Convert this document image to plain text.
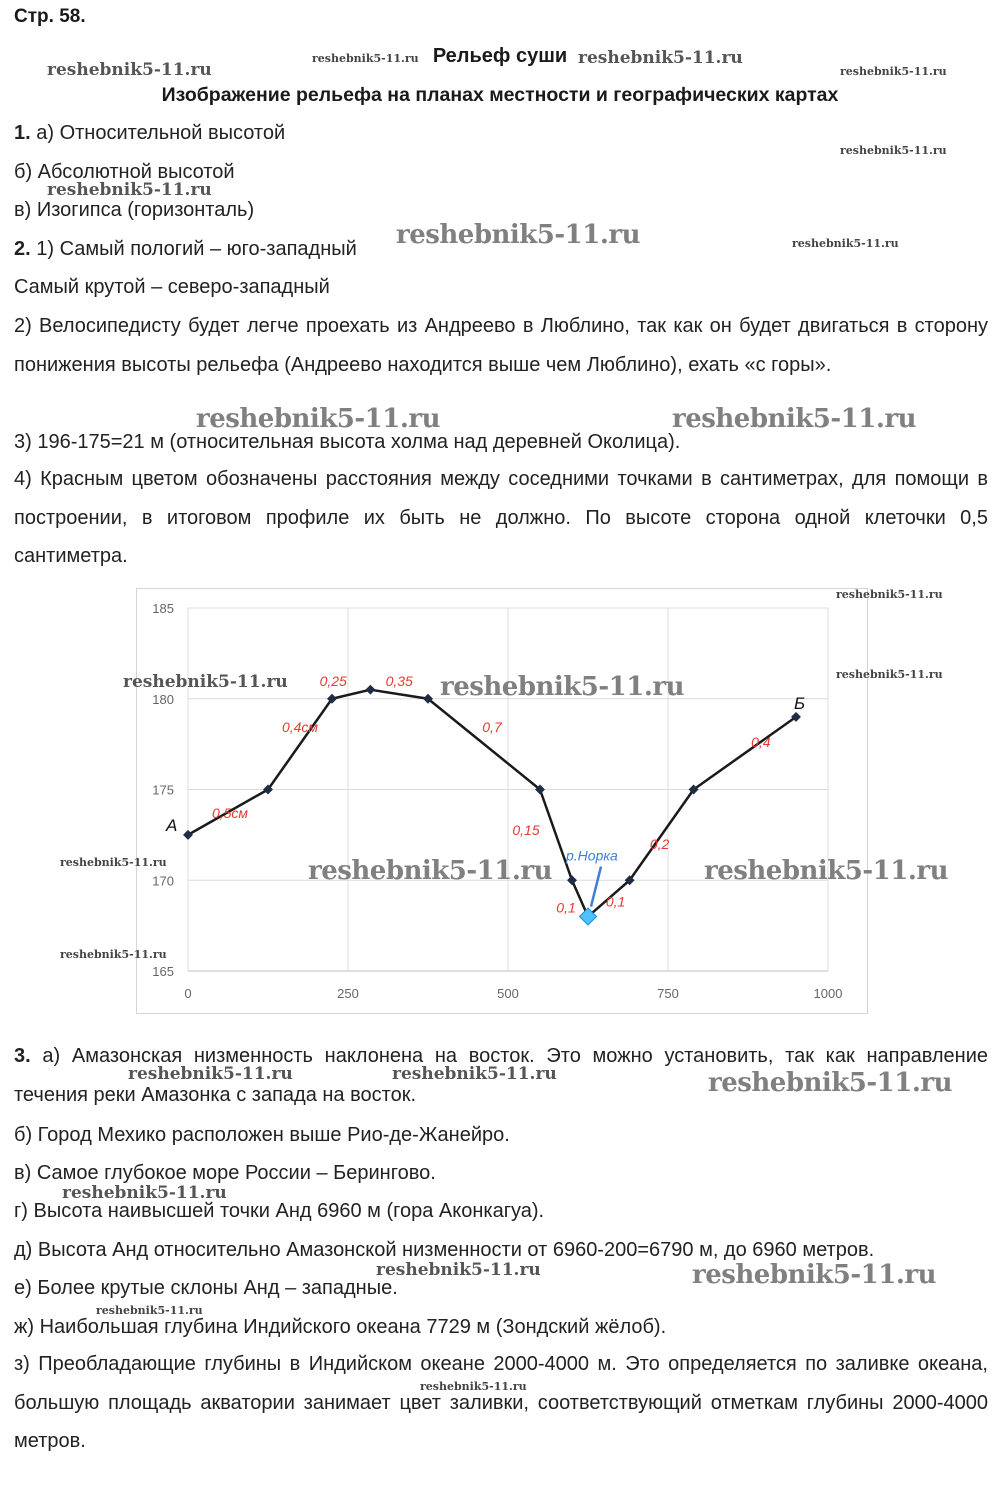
Стр. 58.
Рельеф суши
Изображение рельефа на планах местности и географических картах
1. а) Относительной высотой
б) Абсолютной высотой
в) Изогипса (горизонталь)
2. 1) Самый пологий – юго-западный
Самый крутой – северо-западный
2) Велосипедисту будет легче проехать из Андреево в Люблино, так как он будет двигаться в сторону понижения высоты рельефа (Андреево находится выше чем Люблино), ехать «с горы».
3) 196-175=21 м (относительная высота холма над деревней Околица).
4) Красным цветом обозначены расстояния между соседними точками в сантиметрах, для помощи в построении, в итоговом профиле их быть не должно. По высоте сторона одной клеточки 0,5 сантиметра.
185
180
175
170
165
0	250	500	750	1000
р.Норка
А
Б
0,5см
0,4см
0,25	0,35
0,7
0,15
0,1 0,1
0,2
0,4
3. а) Амазонская низменность наклонена на восток. Это можно установить, так как направление течения реки Амазонка с запада на восток.
б) Город Мехико расположен выше Рио-де-Жанейро.
в) Самое глубокое море России – Берингово.
г) Высота наивысшей точки Анд 6960 м (гора Аконкагуа).
д) Высота Анд относительно Амазонской низменности от 6960-200=6790 м, до 6960 метров.
е) Более крутые склоны Анд – западные.
ж) Наибольшая глубина Индийского океана 7729 м (Зондский жёлоб).
з) Преобладающие глубины в Индийском океане 2000-4000 м. Это определяется по заливке океана, большую площадь акватории занимает цвет заливки, соответствующий отметкам глубины 2000-4000 метров.
reshebnik5-11.ru
reshebnik5-11.ru
reshebnik5-11.ru
reshebnik5-11.ru
reshebnik5-11.ru
reshebnik5-11.ru
reshebnik5-11.ru	reshebnik5-11.ru
reshebnik5-11.ru	reshebnik5-11.ru
reshebnik5-11.ru
reshebnik5-11.ru	reshebnik5-11.ru	reshebnik5-11.ru
reshebnik5-11.ru	reshebnik5-11.ru	reshebnik5-11.ru
reshebnik5-11.ru
reshebnik5-11.ru	reshebnik5-11.ru	reshebnik5-11.ru
reshebnik5-11.ru
reshebnik5-11.ru	reshebnik5-11.ru
reshebnik5-11.ru
reshebnik5-11.ru
